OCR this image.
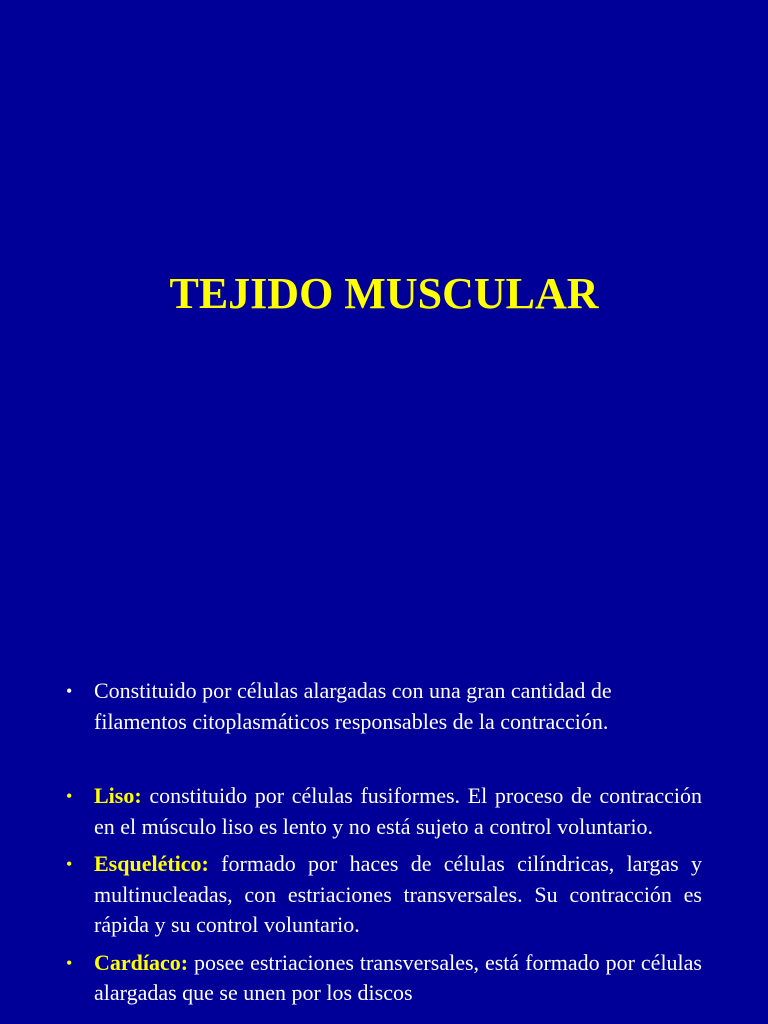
TEJIDO MUSCULAR
• Constituido por células alargadas con una gran cantidad de filamentos citoplasmáticos responsables de la contracción.
• Liso: constituido por células fusiformes. El proceso de contracción en el músculo liso es lento y no está sujeto a control voluntario.
• Esquelético: formado por haces de células cilíndricas, largas y multinucleadas, con estriaciones transversales. Su contracción es rápida y su control voluntario.
• Cardíaco: posee estriaciones transversales, está formado por células alargadas que se unen por los discos
